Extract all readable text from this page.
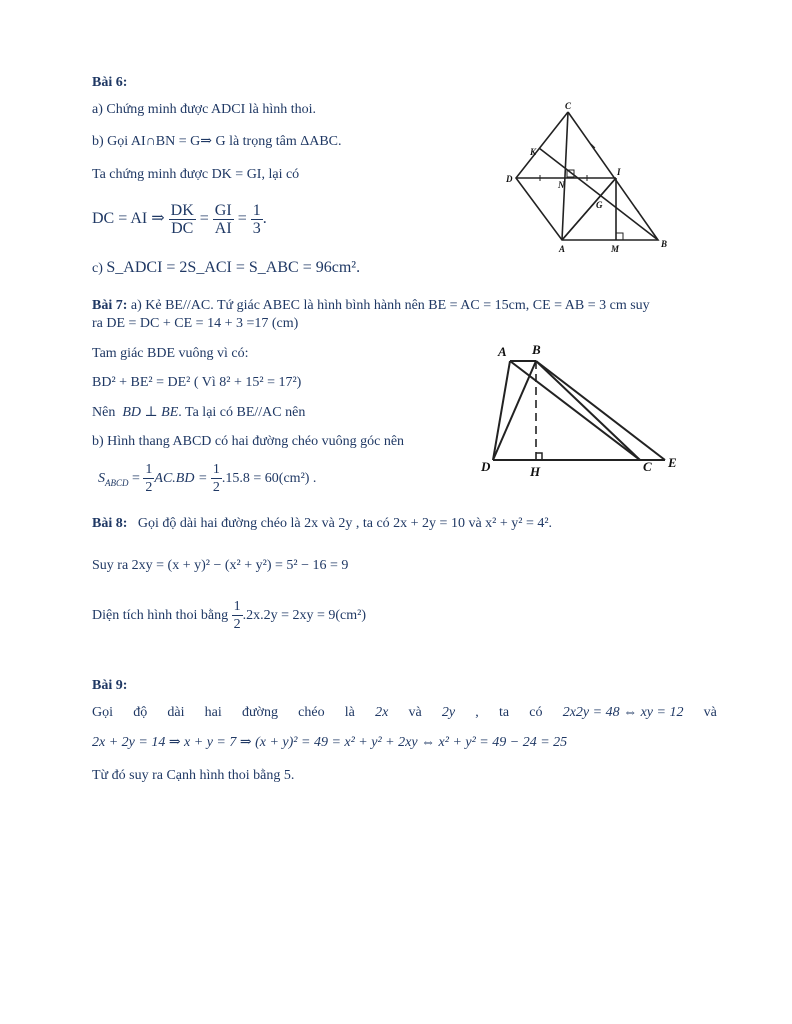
Bài 6:
a) Chứng minh được ADCI là hình thoi.
b) Gọi AI∩BN = G⇒ G là trọng tâm ΔABC.
Ta chứng minh được DK = GI, lại có
DC = AI ⇒ $\frac{DK}{DC} = \frac{GI}{AI} = \frac{1}{3}$ .
c) S_ADCI = 2S_ACI = S_ABC = 96cm².
C
K
D
N
I
G
A	M	B
Bài 7: a) Kẻ BE//AC. Tứ giác ABEC là hình bình hành nên BE = AC = 15cm, CE = AB = 3 cm suy
ra DE = DC + CE = 14 + 3 =17 (cm)
Tam giác BDE vuông vì có:
BD² + BE² = DE² ( Vì 8² + 15² = 17²)
Nên BD ⊥ BE. Ta lại có BE//AC nên
b) Hình thang ABCD có hai đường chéo vuông góc nên
$S_{ABCD} = \frac{1}{2} AC.BD = \frac{1}{2} .15.8 = 60(cm^2)$ .
A B
D	H	C E
Bài 8: Gọi độ dài hai đường chéo là 2x và 2y , ta có 2x + 2y = 10 và x² + y² = 4².
Suy ra 2xy = (x + y)² − (x² + y²) = 5² − 16 = 9
Diện tích hình thoi bằng $\frac{1}{2} .2x.2y = 2xy = 9(cm^2)$
Bài 9:
Gọi độ dài hai đường chéo là 2x và 2y , ta có 2x2y = 48 ⇔ xy = 12 và
2x + 2y = 14 ⇒ x + y = 7 ⇒ (x + y)² = 49 = x² + y² + 2xy ⇔ x² + y² = 49 − 24 = 25
Từ đó suy ra Cạnh hình thoi bằng 5.
